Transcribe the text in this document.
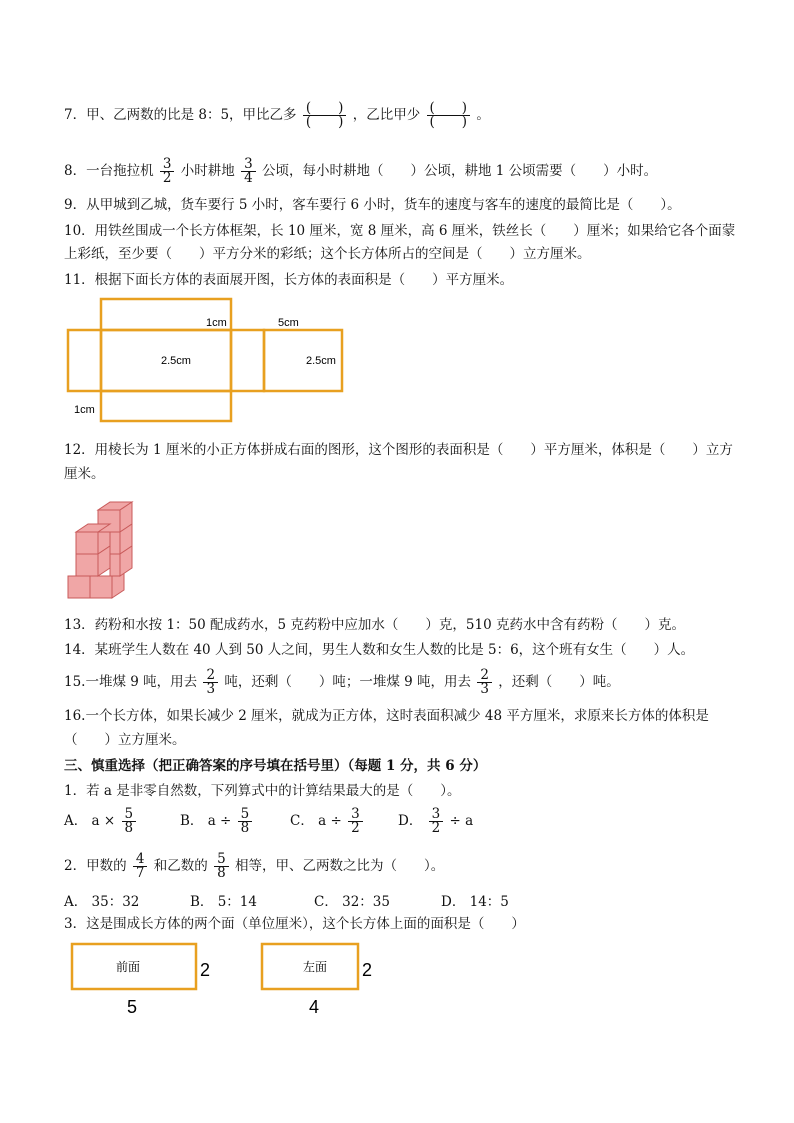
7．甲、乙两数的比是 8：5，甲比乙多 $\frac{( )}{( )}$ ，乙比甲少 $\frac{( )}{( )}$ 。
8．一台拖拉机 $\frac{3}{2}$ 小时耕地 $\frac{3}{4}$ 公顷，每小时耕地（　　）公顷，耕地 1 公顷需要（　　）小时。
9．从甲城到乙城，货车要行 5 小时，客车要行 6 小时，货车的速度与客车的速度的最简比是（　　）。
10．用铁丝围成一个长方体框架，长 10 厘米，宽 8 厘米，高 6 厘米，铁丝长（　　）厘米；如果给它各个面蒙
上彩纸，至少要（　　）平方分米的彩纸；这个长方体所占的空间是（　　）立方厘米。
11．根据下面长方体的表面展开图，长方体的表面积是（　　）平方厘米。
1cm	5cm
2.5cm	2.5cm
1cm
12．用棱长为 1 厘米的小正方体拼成右面的图形，这个图形的表面积是（　　）平方厘米，体积是（　　）立方
厘米。
13．药粉和水按 1：50 配成药水，5 克药粉中应加水（　　）克，510 克药水中含有药粉（　　）克。
14．某班学生人数在 40 人到 50 人之间，男生人数和女生人数的比是 5：6，这个班有女生（　　）人。
15.一堆煤 9 吨，用去 $\frac{2}{3}$ 吨，还剩（　　）吨；一堆煤 9 吨，用去 $\frac{2}{3}$ ，还剩（　　）吨。
16.一个长方体，如果长减少 2 厘米，就成为正方体，这时表面积减少 48 平方厘米，求原来长方体的体积是
（　　）立方厘米。
三、慎重选择（把正确答案的序号填在括号里）（每题 1 分，共 6 分）
1．若 a 是非零自然数，下列算式中的计算结果最大的是（　　）。
A． $a \times \frac{5}{8}$	B． $a \div \frac{5}{8}$	C． $a \div \frac{3}{2}$	D． $\frac{3}{2} \div a$
2．甲数的 $\frac{4}{7}$ 和乙数的 $\frac{5}{8}$ 相等，甲、乙两数之比为（　　）。
A． 35：32	B． 5：14	C． 32：35	D． 14：5
3．这是围成长方体的两个面（单位厘米），这个长方体上面的面积是（　　）
前面	左面
2
5
2
4
